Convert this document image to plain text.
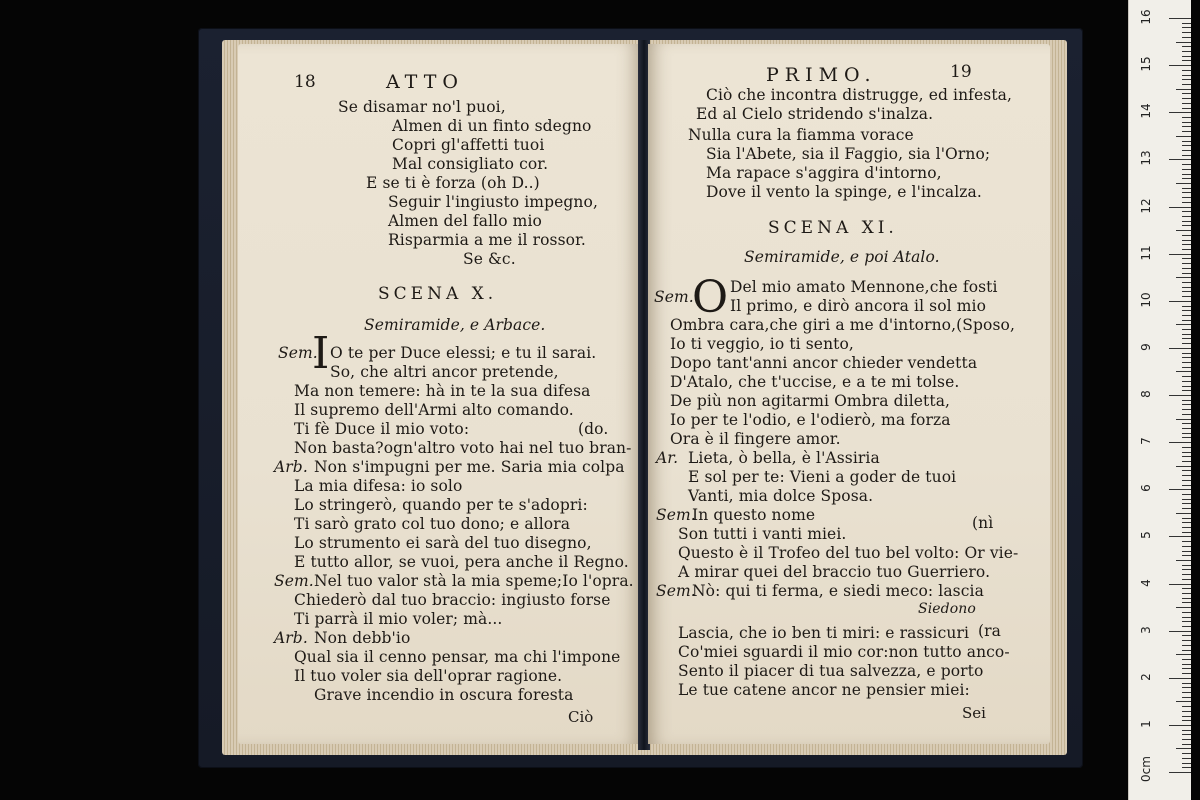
18	ATTO
Se disamar no'l puoi,
Almen di un finto sdegno
Copri gl'affetti tuoi
Mal consigliato cor.
E se ti è forza (oh D..)
Seguir l'ingiusto impegno,
Almen del fallo mio
Risparmia a me il rossor.
Se &c.
SCENA X.
Semiramide, e Arbace.
Sem.
I O te per Duce elessi; e tu il sarai.
So, che altri ancor pretende,
Ma non temere: hà in te la sua difesa
Il supremo dell'Armi alto comando.
Ti fè Duce il mio voto:	(do.
Non basta?ogn'altro voto hai nel tuo bran-
Arb. Non s'impugni per me. Saria mia colpa
La mia difesa: io solo
Lo stringerò, quando per te s'adopri:
Ti sarò grato col tuo dono; e allora
Lo strumento ei sarà del tuo disegno,
E tutto allor, se vuoi, pera anche il Regno.
Sem. Nel tuo valor stà la mia speme;Io l'opra.
Chiederò dal tuo braccio: ingiusto forse
Ti parrà il mio voler; mà...
Arb. Non debb'io
Qual sia il cenno pensar, ma chi l'impone
Il tuo voler sia dell'oprar ragione.
Grave incendio in oscura foresta
Ciò
PRIMO.	19
Ciò che incontra distrugge, ed infesta,
Ed al Cielo stridendo s'inalza.
Nulla cura la fiamma vorace
Sia l'Abete, sia il Faggio, sia l'Orno;
Ma rapace s'aggira d'intorno,
Dove il vento la spinge, e l'incalza.
SCENA XI.
Semiramide, e poi Atalo.
Sem.
O Del mio amato Mennone,che fosti
Il primo, e dirò ancora il sol mio
Ombra cara,che giri a me d'intorno,(Sposo,
Io ti veggio, io ti sento,
Dopo tant'anni ancor chieder vendetta
D'Atalo, che t'uccise, e a te mi tolse.
De più non agitarmi Ombra diletta,
Io per te l'odio, e l'odierò, ma forza
Ora è il fingere amor.
Ar. Lieta, ò bella, è l'Assiria
E sol per te: Vieni a goder de tuoi
Vanti, mia dolce Sposa.
Sem.
In questo nome
Son tutti i vanti miei.
(nì
Questo è il Trofeo del tuo bel volto: Or vie-
A mirar quei del braccio tuo Guerriero.
Sem.
Nò: qui ti ferma, e siedi meco: lascia
Siedono
Lascia, che io ben ti miri: e rassicuri (ra
Co'miei sguardi il mio cor:non tutto anco-
Sento il piacer di tua salvezza, e porto
Le tue catene ancor ne pensier miei:
Sei
16
15
14
13
12
11
10
9
8
7
6
5
4
3
2
1
0cm
